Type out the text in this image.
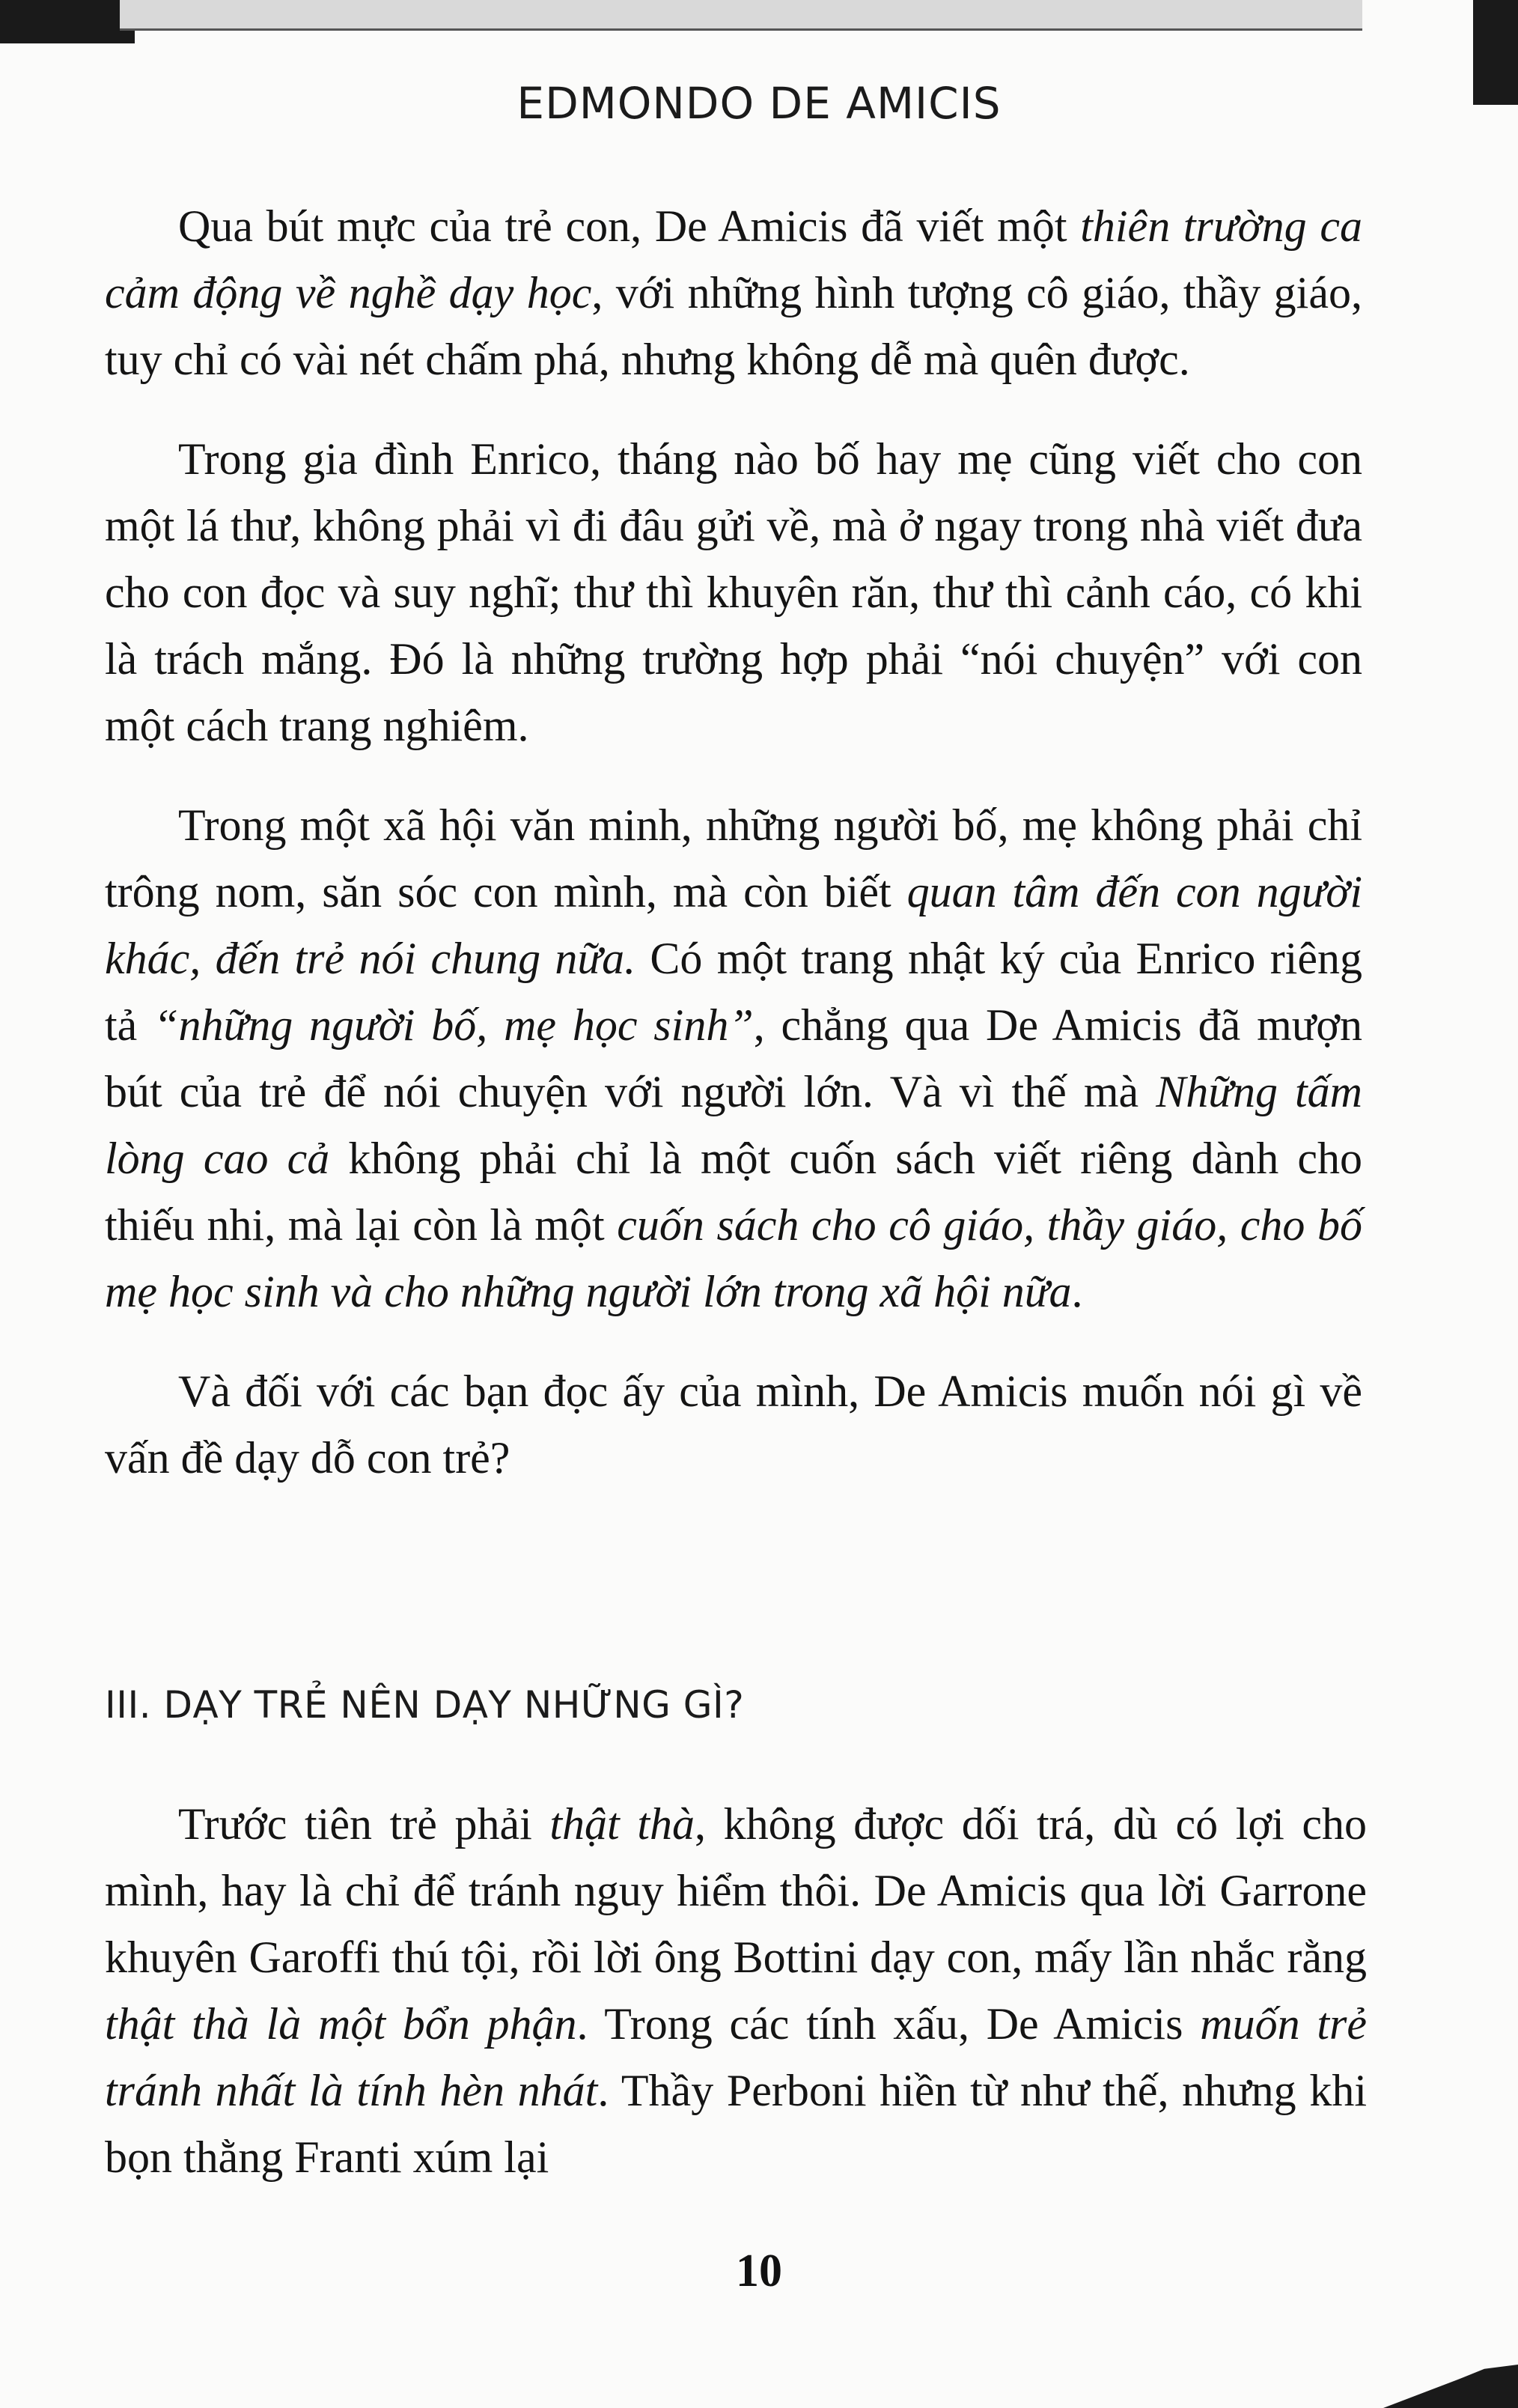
EDMONDO DE AMICIS

Qua bút mực của trẻ con, De Amicis đã viết một thiên trường ca cảm động về nghề dạy học, với những hình tượng cô giáo, thầy giáo, tuy chỉ có vài nét chấm phá, nhưng không dễ mà quên được.

Trong gia đình Enrico, tháng nào bố hay mẹ cũng viết cho con một lá thư, không phải vì đi đâu gửi về, mà ở ngay trong nhà viết đưa cho con đọc và suy nghĩ; thư thì khuyên răn, thư thì cảnh cáo, có khi là trách mắng. Đó là những trường hợp phải “nói chuyện” với con một cách trang nghiêm.

Trong một xã hội văn minh, những người bố, mẹ không phải chỉ trông nom, săn sóc con mình, mà còn biết quan tâm đến con người khác, đến trẻ nói chung nữa. Có một trang nhật ký của Enrico riêng tả “những người bố, mẹ học sinh”, chẳng qua De Amicis đã mượn bút của trẻ để nói chuyện với người lớn. Và vì thế mà Những tấm lòng cao cả không phải chỉ là một cuốn sách viết riêng dành cho thiếu nhi, mà lại còn là một cuốn sách cho cô giáo, thầy giáo, cho bố mẹ học sinh và cho những người lớn trong xã hội nữa.

Và đối với các bạn đọc ấy của mình, De Amicis muốn nói gì về vấn đề dạy dỗ con trẻ?

III. DẠY TRẺ NÊN DẠY NHỮNG GÌ?

Trước tiên trẻ phải thật thà, không được dối trá, dù có lợi cho mình, hay là chỉ để tránh nguy hiểm thôi. De Amicis qua lời Garrone khuyên Garoffi thú tội, rồi lời ông Bottini dạy con, mấy lần nhắc rằng thật thà là một bổn phận. Trong các tính xấu, De Amicis muốn trẻ tránh nhất là tính hèn nhát. Thầy Perboni hiền từ như thế, nhưng khi bọn thằng Franti xúm lại

10
